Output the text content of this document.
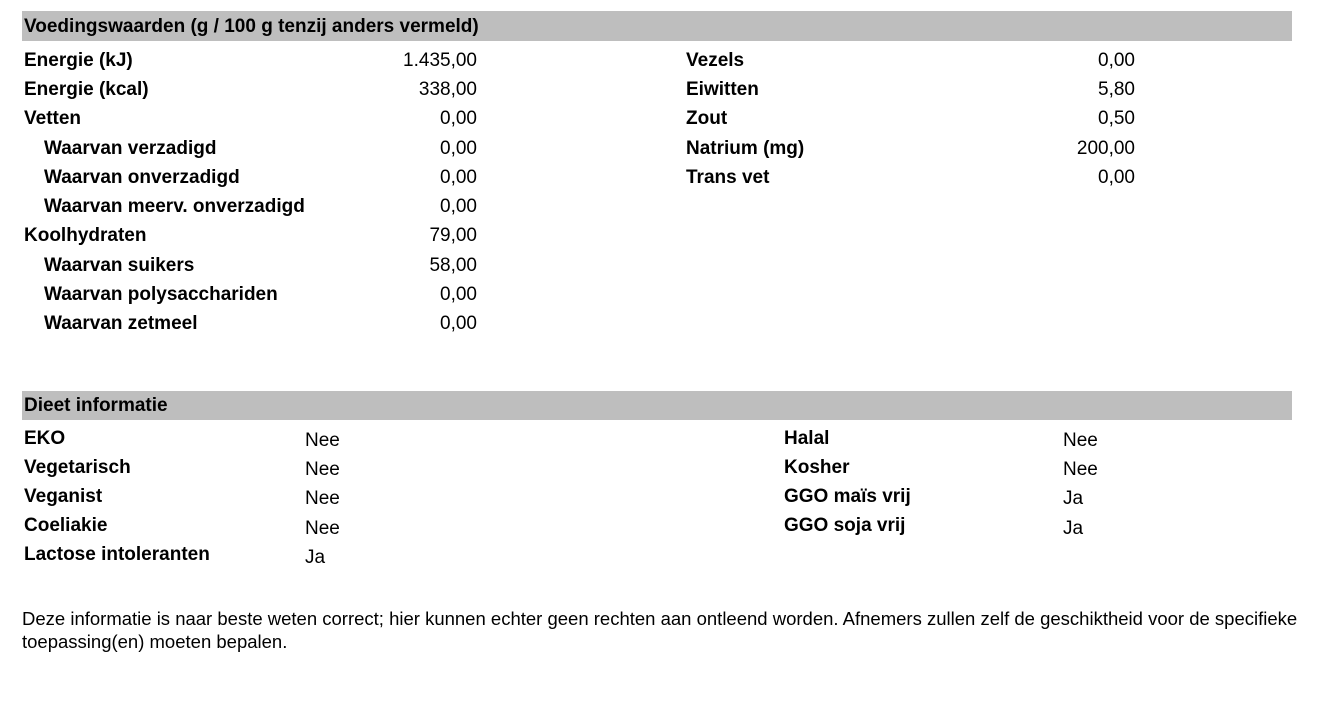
Voedingswaarden (g / 100 g tenzij anders vermeld)
Energie (kJ)	1.435,00
Energie (kcal)	338,00
Vetten	0,00
Waarvan verzadigd	0,00
Waarvan onverzadigd	0,00
Waarvan meerv. onverzadigd	0,00
Koolhydraten	79,00
Waarvan suikers	58,00
Waarvan polysacchariden	0,00
Waarvan zetmeel	0,00
Vezels	0,00
Eiwitten	5,80
Zout	0,50
Natrium (mg)	200,00
Trans vet	0,00
Dieet informatie
EKO	Nee
Vegetarisch	Nee
Veganist	Nee
Coeliakie	Nee
Lactose intoleranten	Ja
Halal	Nee
Kosher	Nee
GGO maïs vrij	Ja
GGO soja vrij	Ja
Deze informatie is naar beste weten correct; hier kunnen echter geen rechten aan ontleend worden. Afnemers zullen zelf de geschiktheid voor de specifieke toepassing(en) moeten bepalen.
